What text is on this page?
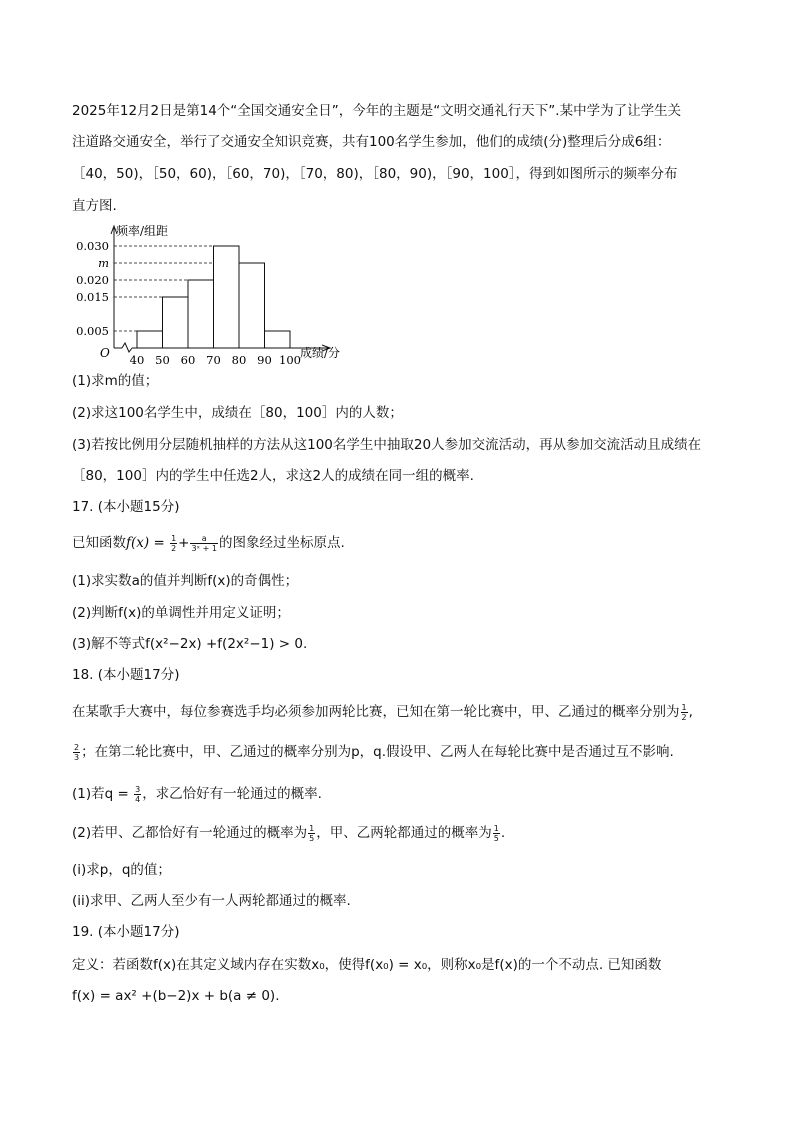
2025年12月2日是第14个“全国交通安全日”，今年的主题是“文明交通礼行天下”.某中学为了让学生关
注道路交通安全，举行了交通安全知识竞赛，共有100名学生参加，他们的成绩(分)整理后分成6组：
［40，50)，［50，60)，［60，70)，［70，80)，［80，90)，［90，100］，得到如图所示的频率分布
直方图.
频率/组距
0.030
m
0.020
0.015
0.005
成绩/分
O 40 50 60 70 80 90 100
(1)求m的值；
(2)求这100名学生中，成绩在［80，100］内的人数；
(3)若按比例用分层随机抽样的方法从这100名学生中抽取20人参加交流活动，再从参加交流活动且成绩在
［80，100］内的学生中任选2人，求这2人的成绩在同一组的概率.
17. (本小题15分)
已知函数$f(x) = \frac{1}{2} + \frac{a}{\text{3ˣ + 1}}$ 的图象经过坐标原点.
(1)求实数a的值并判断f(x)的奇偶性；
(2)判断f(x)的单调性并用定义证明；
(3)解不等式f(x²−2x) +f(2x²−1) > 0.
18. (本小题17分)
在某歌手大赛中，每位参赛选手均必须参加两轮比赛，已知在第一轮比赛中，甲、乙通过的概率分别为 $\frac{1}{2}$ ,
$\frac{2}{3}$ ；在第二轮比赛中，甲、乙通过的概率分别为p，q.假设甲、乙两人在每轮比赛中是否通过互不影响.
(1)若$q = \frac{3}{4}$ ，求乙恰好有一轮通过的概率.
(2)若甲、乙都恰好有一轮通过的概率为 $\frac{1}{5}$ ，甲、乙两轮都通过的概率为 $\frac{1}{5}$ .
(i)求p，q的值；
(ii)求甲、乙两人至少有一人两轮都通过的概率.
19. (本小题17分)
定义：若函数f(x)在其定义域内存在实数x₀，使得f(x₀) = x₀，则称x₀是f(x)的一个不动点. 已知函数
f(x) = ax² +(b−2)x + b(a ≠ 0).
